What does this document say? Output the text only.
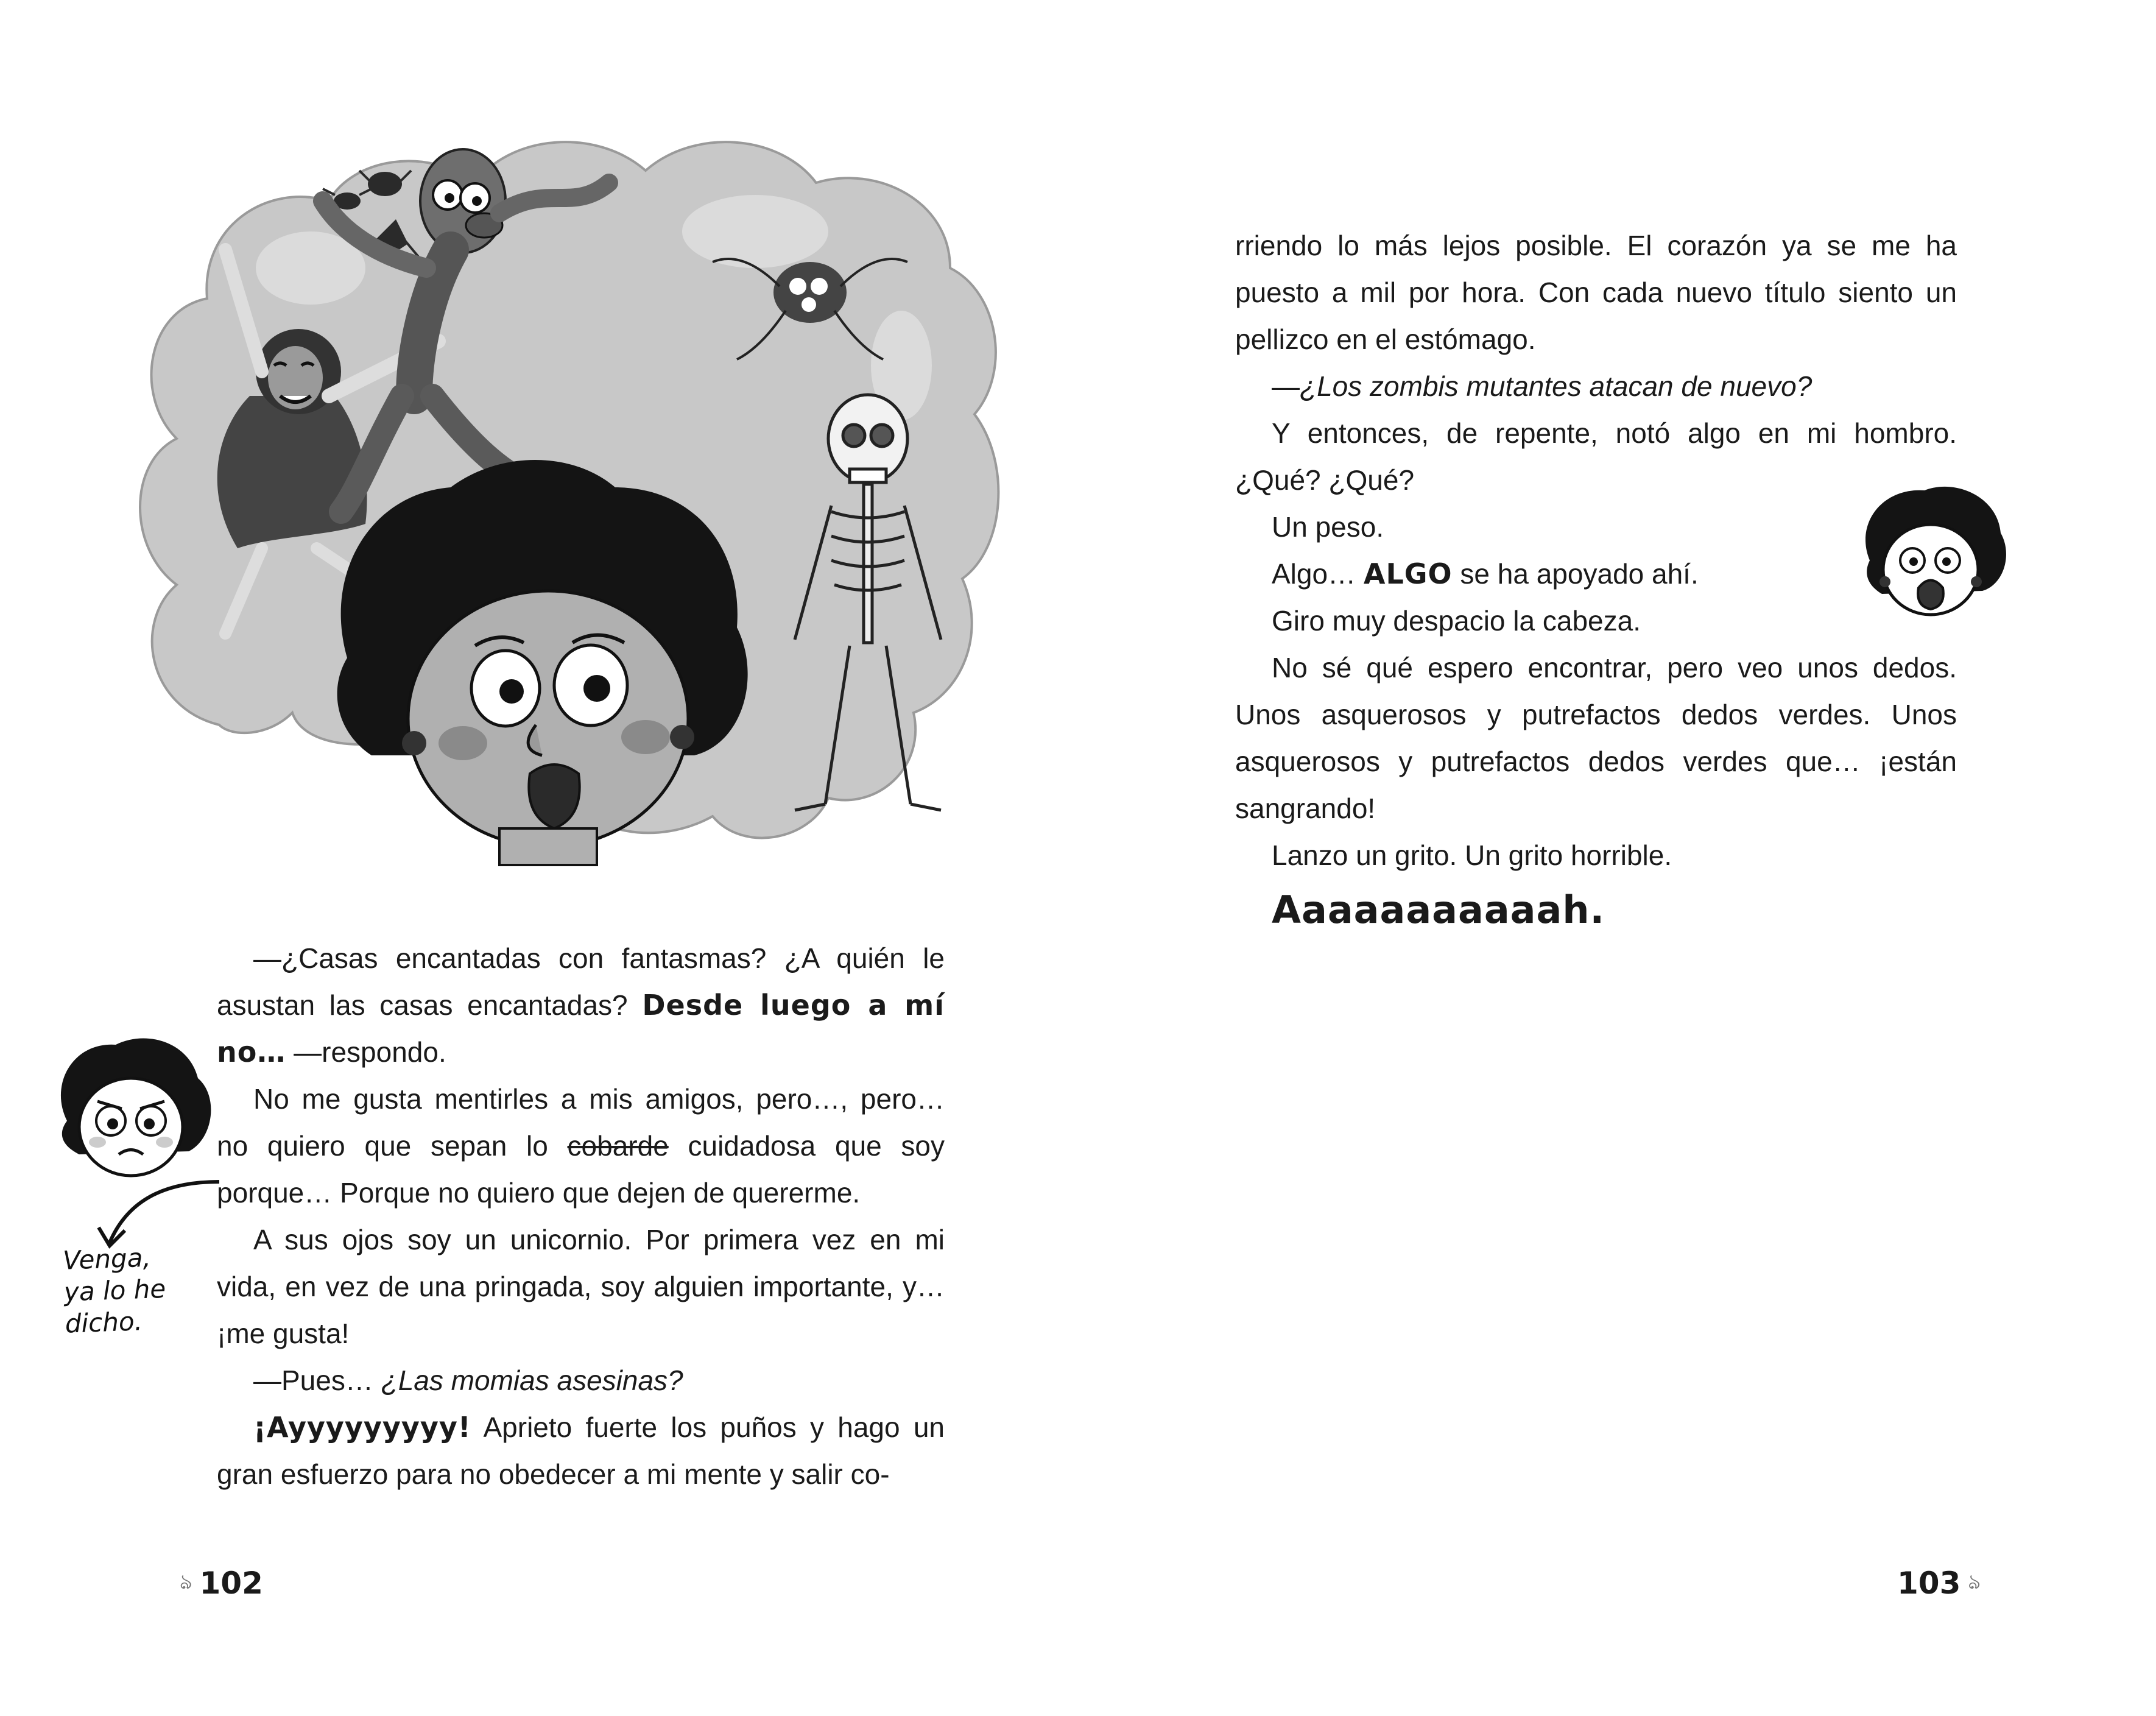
—¿Casas encantadas con fantasmas? ¿A quién le asustan las casas encantadas? Desde luego a mí no… —respondo.

No me gusta mentirles a mis amigos, pero…, pero… no quiero que sepan lo cobarde cuidadosa que soy porque… Porque no quiero que dejen de quererme.

A sus ojos soy un unicornio. Por primera vez en mi vida, en vez de una pringada, soy alguien importante, y… ¡me gusta!

—Pues… ¿Las momias asesinas?

¡Ayyyyyyyyy! Aprieto fuerte los puños y hago un gran esfuerzo para no obedecer a mi mente y salir co-

Venga,
ya lo he
dicho.
ঌ 102

rriendo lo más lejos posible. El corazón ya se me ha puesto a mil por hora. Con cada nuevo título siento un pellizco en el estómago.

—¿Los zombis mutantes atacan de nuevo?

Y entonces, de repente, notó algo en mi hombro. ¿Qué? ¿Qué?

Un peso.

Algo… ALGO se ha apoyado ahí.

Giro muy despacio la cabeza.

No sé qué espero encontrar, pero veo unos dedos. Unos asquerosos y putrefactos dedos verdes. Unos asquerosos y putrefactos dedos verdes que… ¡están sangrando!

Lanzo un grito. Un grito horrible.

Aaaaaaaaaaah.

103 ঌ
